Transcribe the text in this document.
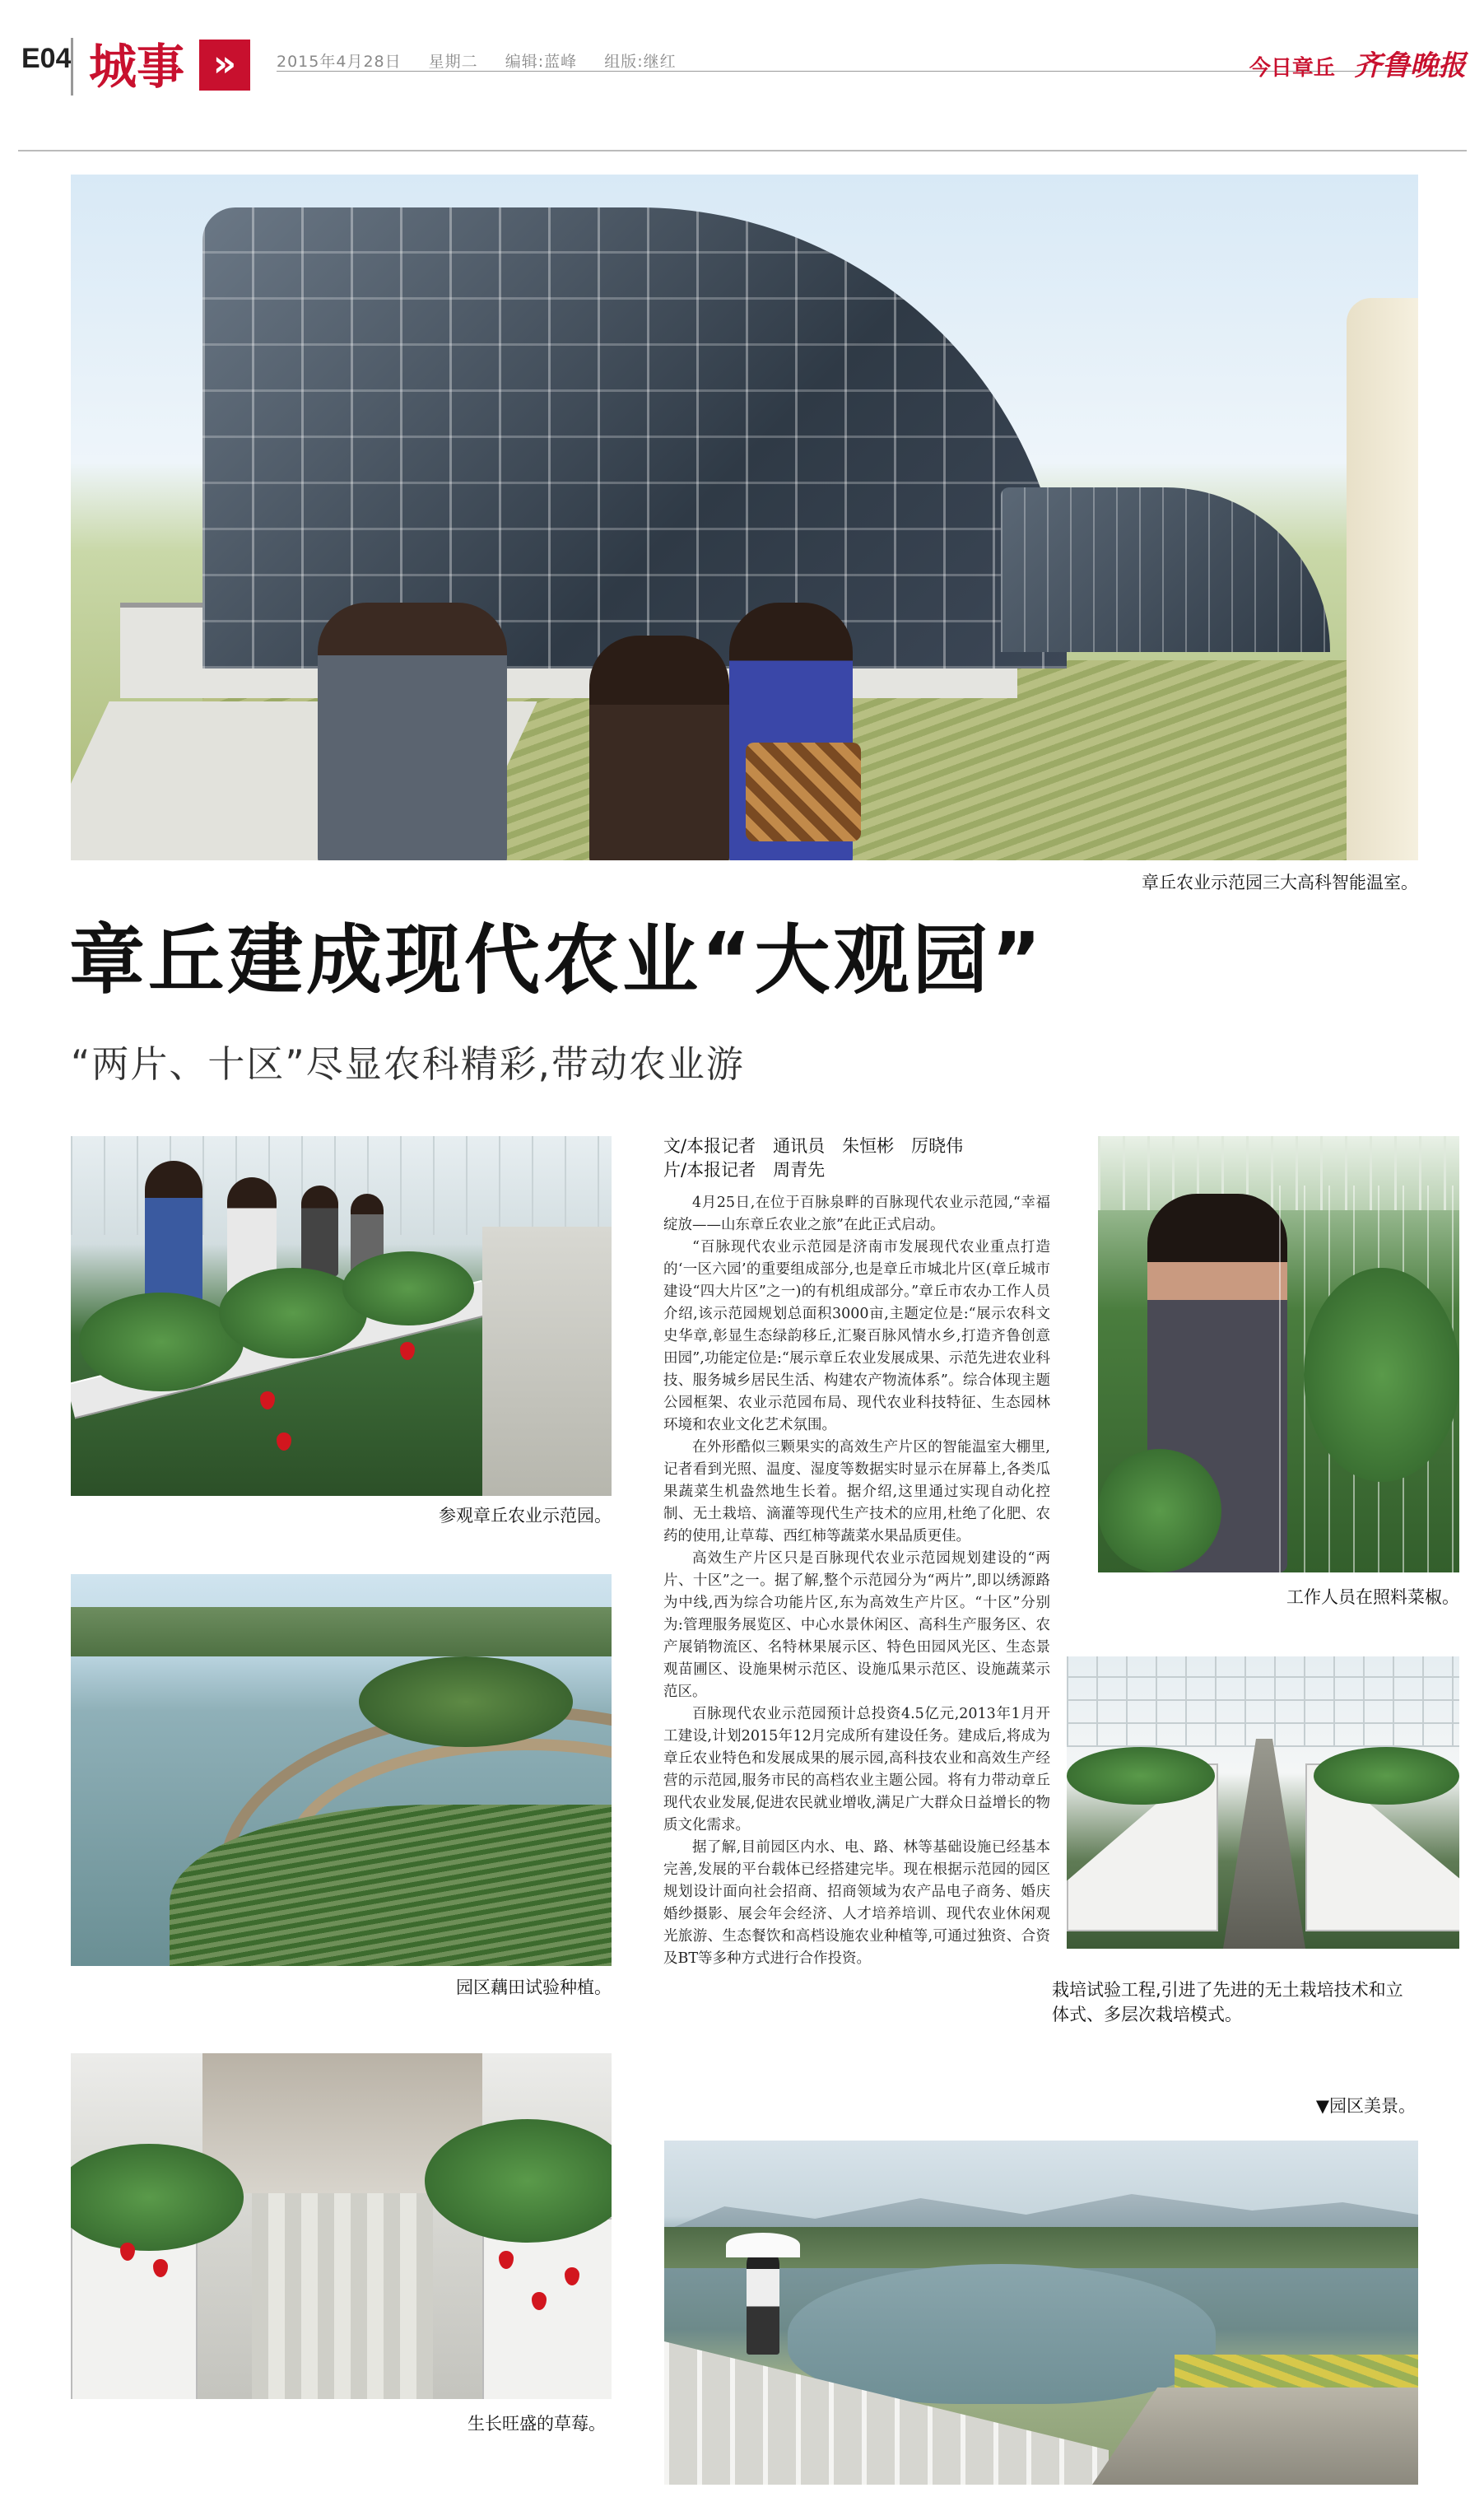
E04 城事 »	2015年4月28日 星期二 编辑:蓝峰 组版:继红	今日章丘 齐鲁晚报
章丘农业示范园三大高科智能温室。
章丘建成现代农业“大观园”
“两片、十区”尽显农科精彩,带动农业游
参观章丘农业示范园。
园区藕田试验种植。
生长旺盛的草莓。
文/本报记者　通讯员　朱恒彬　厉晓伟
片/本报记者　周青先

4月25日,在位于百脉泉畔的百脉现代农业示范园,“幸福绽放——山东章丘农业之旅”在此正式启动。

“百脉现代农业示范园是济南市发展现代农业重点打造的‘一区六园’的重要组成部分,也是章丘市城北片区(章丘城市建设“四大片区”之一)的有机组成部分。”章丘市农办工作人员介绍,该示范园规划总面积3000亩,主题定位是:“展示农科文史华章,彰显生态绿韵移丘,汇聚百脉风情水乡,打造齐鲁创意田园”,功能定位是:“展示章丘农业发展成果、示范先进农业科技、服务城乡居民生活、构建农产物流体系”。综合体现主题公园框架、农业示范园布局、现代农业科技特征、生态园林环境和农业文化艺术氛围。

在外形酷似三颗果实的高效生产片区的智能温室大棚里,记者看到光照、温度、湿度等数据实时显示在屏幕上,各类瓜果蔬菜生机盎然地生长着。据介绍,这里通过实现自动化控制、无土栽培、滴灌等现代生产技术的应用,杜绝了化肥、农药的使用,让草莓、西红柿等蔬菜水果品质更佳。

高效生产片区只是百脉现代农业示范园规划建设的“两片、十区”之一。据了解,整个示范园分为“两片”,即以绣源路为中线,西为综合功能片区,东为高效生产片区。“十区”分别为:管理服务展览区、中心水景休闲区、高科生产服务区、农产展销物流区、名特林果展示区、特色田园风光区、生态景观苗圃区、设施果树示范区、设施瓜果示范区、设施蔬菜示范区。

百脉现代农业示范园预计总投资4.5亿元,2013年1月开工建设,计划2015年12月完成所有建设任务。建成后,将成为章丘农业特色和发展成果的展示园,高科技农业和高效生产经营的示范园,服务市民的高档农业主题公园。将有力带动章丘现代农业发展,促进农民就业增收,满足广大群众日益增长的物质文化需求。

据了解,目前园区内水、电、路、林等基础设施已经基本完善,发展的平台载体已经搭建完毕。现在根据示范园的园区规划设计面向社会招商、招商领域为农产品电子商务、婚庆婚纱摄影、展会年会经济、人才培养培训、现代农业休闲观光旅游、生态餐饮和高档设施农业种植等,可通过独资、合资及BT等多种方式进行合作投资。

工作人员在照料菜椒。
栽培试验工程,引进了先进的无土栽培技术和立体式、多层次栽培模式。
▼园区美景。
